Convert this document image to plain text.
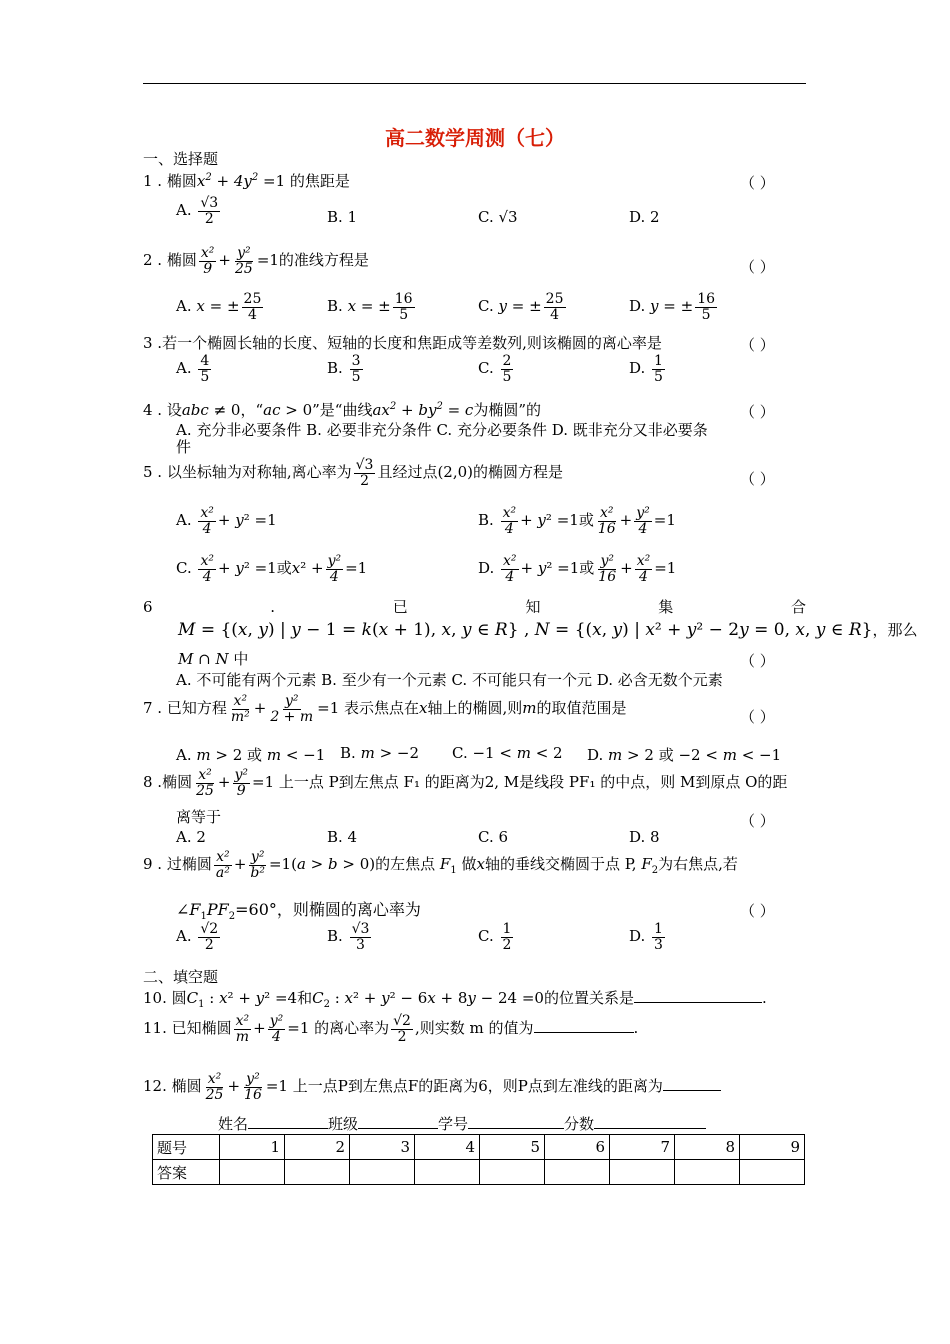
高二数学周测（七）
一、选择题
1 . 椭圆$x^2 + 4y^2 =1$ 的焦距是	（ ）
A. $\frac{√3}{2}$	B. 1	C. √3	D. 2
2 . 椭圆 $\frac{\text{x²}}{9} + \frac{\text{y²}}{25} =1$的准线方程是	（ ）
A. x = ± $\frac{25}{4}$	B. x = ± $\frac{16}{5}$	C. y = ± $\frac{25}{4}$	D. y = ± $\frac{16}{5}$
3 .若一个椭圆长轴的长度、短轴的长度和焦距成等差数列,则该椭圆的离心率是	（ ）
A. $\frac{4}{5}$	B. $\frac{3}{5}$	C. $\frac{2}{5}$	D. $\frac{1}{5}$
4 . 设abc ≠ 0，“ac > 0”是“曲线$ax^2 + by^2 = c$为椭圆”的	（ ）
A. 充分非必要条件 B. 必要非充分条件 C. 充分必要条件 D. 既非充分又非必要条
件
5 . 以坐标轴为对称轴,离心率为 $\frac{√3}{2}$ 且经过点(2,0)的椭圆方程是	（ ）
A. $\frac{\text{x²}}{4} + y^2 =1$	B. $\frac{\text{x²}}{4} + y^2 =1$或 $\frac{\text{x²}}{16} + \frac{\text{y²}}{4} =1$
C. $\frac{\text{x²}}{4} + y^2 =1$或$x^2 + \frac{\text{y²}}{4} =1$	D. $\frac{\text{x²}}{4} + y^2 =1$或 $\frac{\text{y²}}{16} + \frac{\text{x²}}{4} =1$
6	.	已	知	集	合
M = {(x, y) | y − 1 = k(x + 1), x, y ∈ R} , N = {(x, y) | x² + y² − 2y = 0, x, y ∈ R}，那么
M ∩ N 中	（ ）
A. 不可能有两个元素 B. 至少有一个元素 C. 不可能只有一个元 D. 必含无数个元素
7 . 已知方程 $\frac{\text{x²}}{\text{m²}} + \frac{\text{y²}}{2 + m} =1$ 表示焦点在x轴上的椭圆,则m的取值范围是	（ ）
A. m > 2 或 m < −1 B. m > −2 C. −1 < m < 2 D. m > 2 或 −2 < m < −1
8 .椭圆 $\frac{\text{x²}}{25} + \frac{\text{y²}}{9} =1$ 上一点 P到左焦点 F₁ 的距离为2, M是线段 PF₁ 的中点，则 M到原点 O的距
离等于	（ ）
A. 2	B. 4	C. 6	D. 8
9 . 过椭圆 $\frac{\text{x²}}{\text{a²}} + \frac{\text{y²}}{\text{b²}} =1(a > b > 0)$的左焦点 $F_1$ 做x轴的垂线交椭圆于点 P, $F_2$为右焦点,若
$\angle F_1PF_2=60^\circ$，则椭圆的离心率为	（ ）
A. $\frac{√2}{2}$	B. $\frac{√3}{3}$	C. $\frac{1}{2}$	D. $\frac{1}{3}$
二、填空题
10. 圆$C_1$ : x² + y² =4和$C_2$ : x² + y² − 6x + 8y − 24 =0的位置关系是	.
11. 已知椭圆 $\frac{\text{x²}}{m} + \frac{\text{y²}}{4} =1$ 的离心率为 $\frac{√2}{2}$ ,则实数 m 的值为	.
12. 椭圆 $\frac{\text{x²}}{25} + \frac{\text{y²}}{16} =1$ 上一点P到左焦点F的距离为6，则P点到左准线的距离为
姓名	班级	学号	分数
题号	1	2	3	4	5	6	7	8	9
答案									
